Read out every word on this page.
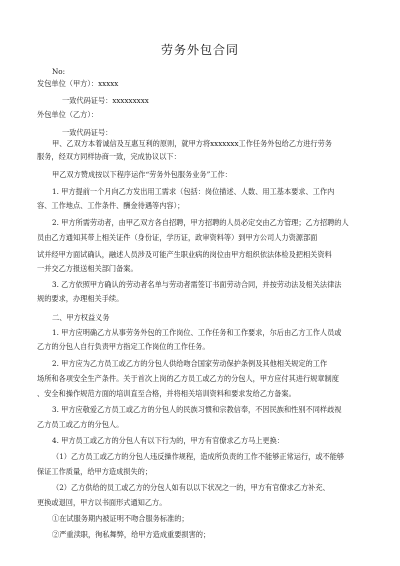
劳务外包合同
No:
发包单位（甲方）：xxxxx
一致代码证号：xxxxxxxxx
外包单位（乙方）：
一致代码证号：
甲、乙双方本着诚信及互惠互利的原则，就甲方将xxxxxxx工作任务外包给乙方进行劳务
服务，经双方同样协商一致，完成协议以下：
甲乙双方赞成按以下程序运作“劳务外包服务业务”工作：
1. 甲方提前一个月向乙方发出用工需求（包括：岗位描述、人数、用工基本要求、工作内
容、工作地点、工作条件、酬金待遇等内容）；
2. 甲方所需劳动者，由甲乙双方各自招聘，甲方招聘的人员必定交由乙方管理；乙方招聘的人
员由乙方通知其带上相关证件（身份证，学历证，政审资料等）到甲方公司人力资源部面
试并经甲方面试确认，融述人员涉及可能产生职业病的岗位由甲方组织依法体检及把相关资料
一并交乙方报送相关部门备案。
3. 乙方依照甲方确认的劳动者名单与劳动者需签订书面劳动合同，并按劳动法及相关法律法
规的要求，办理相关手续。
二、甲方权益义务
1. 甲方应明确乙方从事劳务外包的工作岗位、工作任务和工作要求，尔后由乙方工作人员或
乙方的分包人自行负责甲方指定工作岗位的工作任务。
2. 甲方应为乙方员工或乙方的分包人供给吻合国家劳动保护条例及其他相关规定的工作
场所和各项安全生产条件。关于首次上岗的乙方员工或乙方的分包人，甲方应付其进行规章制度
、安全和操作规范方面的培训直至合格，并将相关培训资料和要求发给乙方备案。
3. 甲方应敬爱乙方员工或乙方的分包人的民族习惯和宗教信奉，不因民族和性别不同样歧视
乙方员工或乙方的分包人。
4. 甲方员工或乙方的分包人有以下行为的，甲方有官僚求乙方马上更换：
（1）乙方员工或乙方的分包人违反操作规程，造成所负责的工作不能够正常运行，或不能够
保证工作质量，给甲方造成损失的；
（2）乙方供给的员工或乙方的分包人如有以以下状况之一的，甲方有官僚求乙方补充、
更换或退回，甲方以书面形式通知乙方。
①在试服务期内被证明不吻合服务标准的；
②严重渎职，徇私舞弊，给甲方造成重要损害的；
